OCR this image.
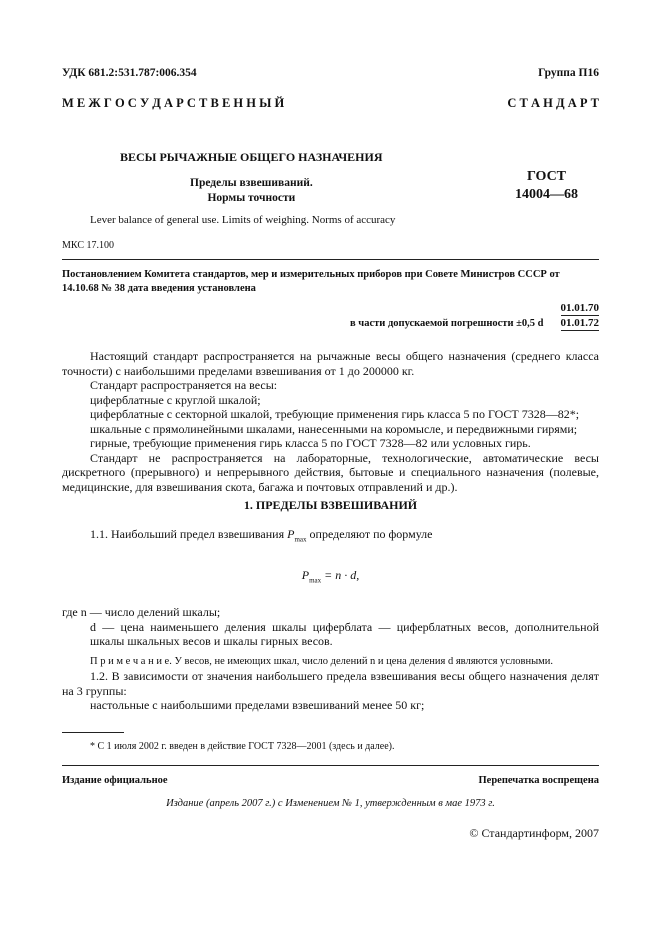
УДК 681.2:531.787:006.354	Группа П16
М Е Ж Г О С У Д А Р С Т В Е Н Н Ы Й	С Т А Н Д А Р Т
ВЕСЫ РЫЧАЖНЫЕ ОБЩЕГО НАЗНАЧЕНИЯ
Пределы взвешиваний.
Нормы точности
ГОСТ
14004—68
Lever balance of general use. Limits of weighing. Norms of accuracy
МКС 17.100
Постановлением Комитета стандартов, мер и измерительных приборов при Совете Министров СССР от 14.10.68 № 38 дата введения установлена
01.01.70
в части допускаемой погрешности ±0,5 d 01.01.72
Настоящий стандарт распространяется на рычажные весы общего назначения (среднего класса точности) с наибольшими пределами взвешивания от 1 до 200000 кг.
Стандарт распространяется на весы:
циферблатные с круглой шкалой;
циферблатные с секторной шкалой, требующие применения гирь класса 5 по ГОСТ 7328—82*;
шкальные с прямолинейными шкалами, нанесенными на коромысле, и передвижными гирями;
гирные, требующие применения гирь класса 5 по ГОСТ 7328—82 или условных гирь.
Стандарт не распространяется на лабораторные, технологические, автоматические весы дискретного (прерывного) и непрерывного действия, бытовые и специального назначения (полевые, медицинские, для взвешивания скота, багажа и почтовых отправлений и др.).
1. ПРЕДЕЛЫ ВЗВЕШИВАНИЙ
1.1. Наибольший предел взвешивания $P_{max}$ определяют по формуле
$P_{max} = n \cdot d$,
где n — число делений шкалы;
d — цена наименьшего деления шкалы циферблата — циферблатных весов, дополнительной шкалы шкальных весов и шкалы гирных весов.
П р и м е ч а н и е. У весов, не имеющих шкал, число делений n и цена деления d являются условными.
1.2. В зависимости от значения наибольшего предела взвешивания весы общего назначения делят на 3 группы:
настольные с наибольшими пределами взвешиваний менее 50 кг;
* С 1 июля 2002 г. введен в действие ГОСТ 7328—2001 (здесь и далее).
Издание официальное	Перепечатка воспрещена
Издание (апрель 2007 г.) с Изменением № 1, утвержденным в мае 1973 г.
© Стандартинформ, 2007
